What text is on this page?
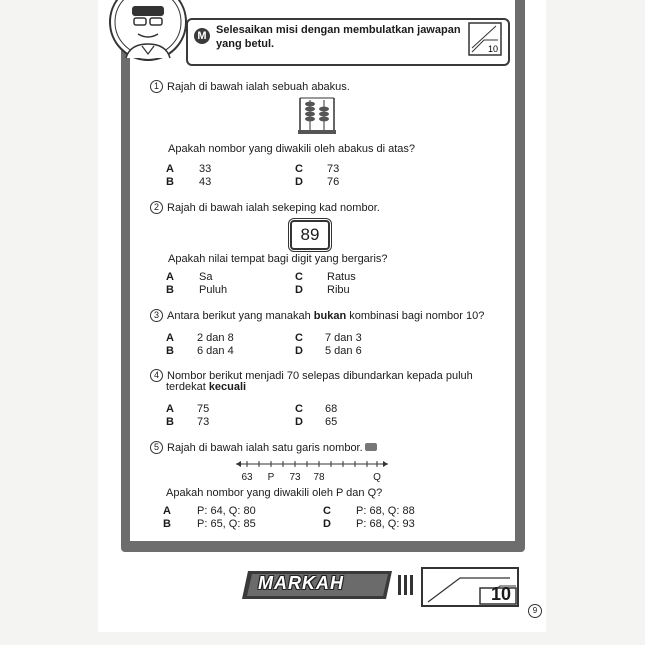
M Selesaikan misi dengan membulatkan jawapan yang betul.	10
1 Rajah di bawah ialah sebuah abakus.
Apakah nombor yang diwakili oleh abakus di atas?
A 33
B 43
C 73
D 76
2 Rajah di bawah ialah sekeping kad nombor.
89
Apakah nilai tempat bagi digit yang bergaris?
A Sa
B Puluh
C Ratus
D Ribu
3 Antara berikut yang manakah bukan kombinasi bagi nombor 10?
A 2 dan 8
B 6 dan 4
C 7 dan 3
D 5 dan 6
4 Nombor berikut menjadi 70 selepas dibundarkan kepada puluh
terdekat kecuali
A 75
B 73
C 68
D 65
5 Rajah di bawah ialah satu garis nombor.
63 P 73 78	Q
Apakah nombor yang diwakili oleh P dan Q?
A P: 64, Q: 80
B P: 65, Q: 85
C P: 68, Q: 88
D P: 68, Q: 93
MARKAH
10
9
